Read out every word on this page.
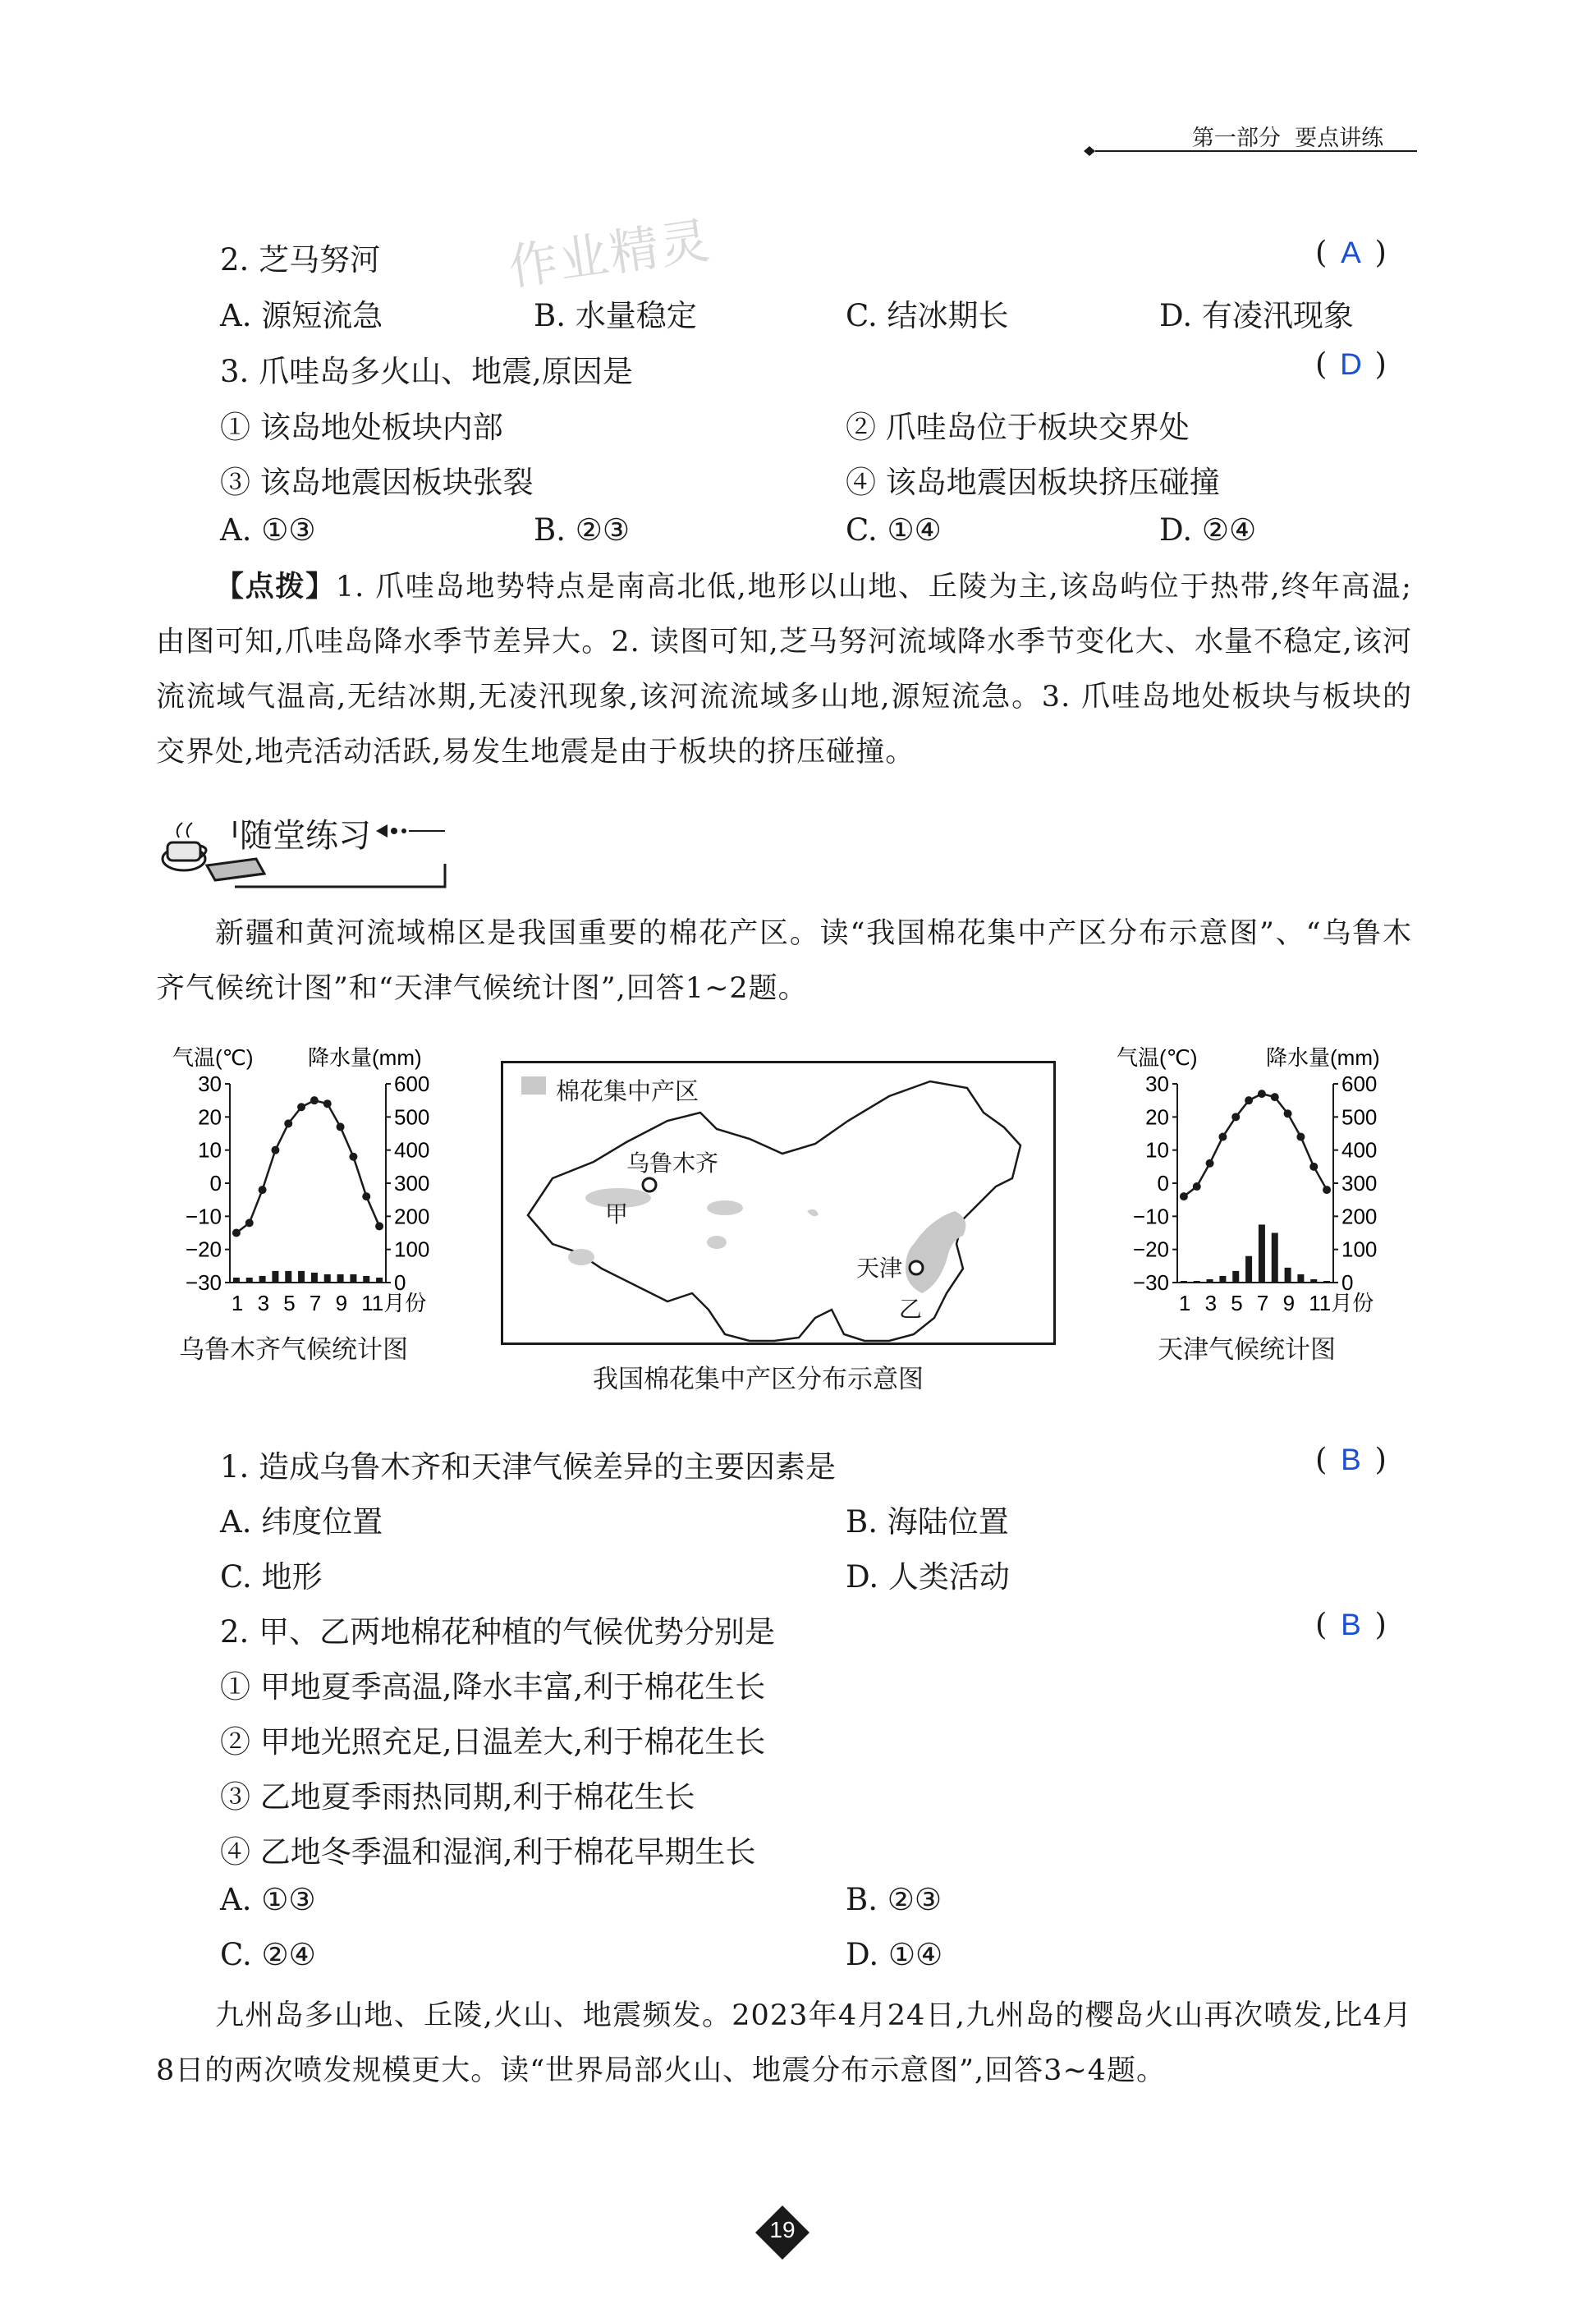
第一部分 要点讲练
作业精灵
2. 芝马努河	( A )
A. 源短流急	B. 水量稳定	C. 结冰期长	D. 有凌汛现象
3. 爪哇岛多火山、地震,原因是	( D )
① 该岛地处板块内部	② 爪哇岛位于板块交界处
③ 该岛地震因板块张裂	④ 该岛地震因板块挤压碰撞
A. ①③	B. ②③	C. ①④	D. ②④
【点拨】1. 爪哇岛地势特点是南高北低,地形以山地、丘陵为主,该岛屿位于热带,终年高温;由图可知,爪哇岛降水季节差异大。2. 读图可知,芝马努河流域降水季节变化大、水量不稳定,该河流流域气温高,无结冰期,无凌汛现象,该河流流域多山地,源短流急。3. 爪哇岛地处板块与板块的交界处,地壳活动活跃,易发生地震是由于板块的挤压碰撞。
随堂练习
新疆和黄河流域棉区是我国重要的棉花产区。读“我国棉花集中产区分布示意图”、“乌鲁木齐气候统计图”和“天津气候统计图”,回答1~2题。
气温(℃)	降水量(mm)
30
20
10
0
−10
−20
−30
600
500
400
300
200
100
0
1 3 5 7 9 11月份
乌鲁木齐气候统计图
棉花集中产区
乌鲁木齐
天津
甲
乙
我国棉花集中产区分布示意图
气温(℃)	降水量(mm)
30
20
10
0
−10
−20
−30
600
500
400
300
200
100
0
1 3 5 7 9 11月份
天津气候统计图
1. 造成乌鲁木齐和天津气候差异的主要因素是	( B )
A. 纬度位置	B. 海陆位置
C. 地形	D. 人类活动
2. 甲、乙两地棉花种植的气候优势分别是	( B )
① 甲地夏季高温,降水丰富,利于棉花生长
② 甲地光照充足,日温差大,利于棉花生长
③ 乙地夏季雨热同期,利于棉花生长
④ 乙地冬季温和湿润,利于棉花早期生长
A. ①③	B. ②③
C. ②④	D. ①④
九州岛多山地、丘陵,火山、地震频发。2023年4月24日,九州岛的樱岛火山再次喷发,比4月8日的两次喷发规模更大。读“世界局部火山、地震分布示意图”,回答3~4题。
19
